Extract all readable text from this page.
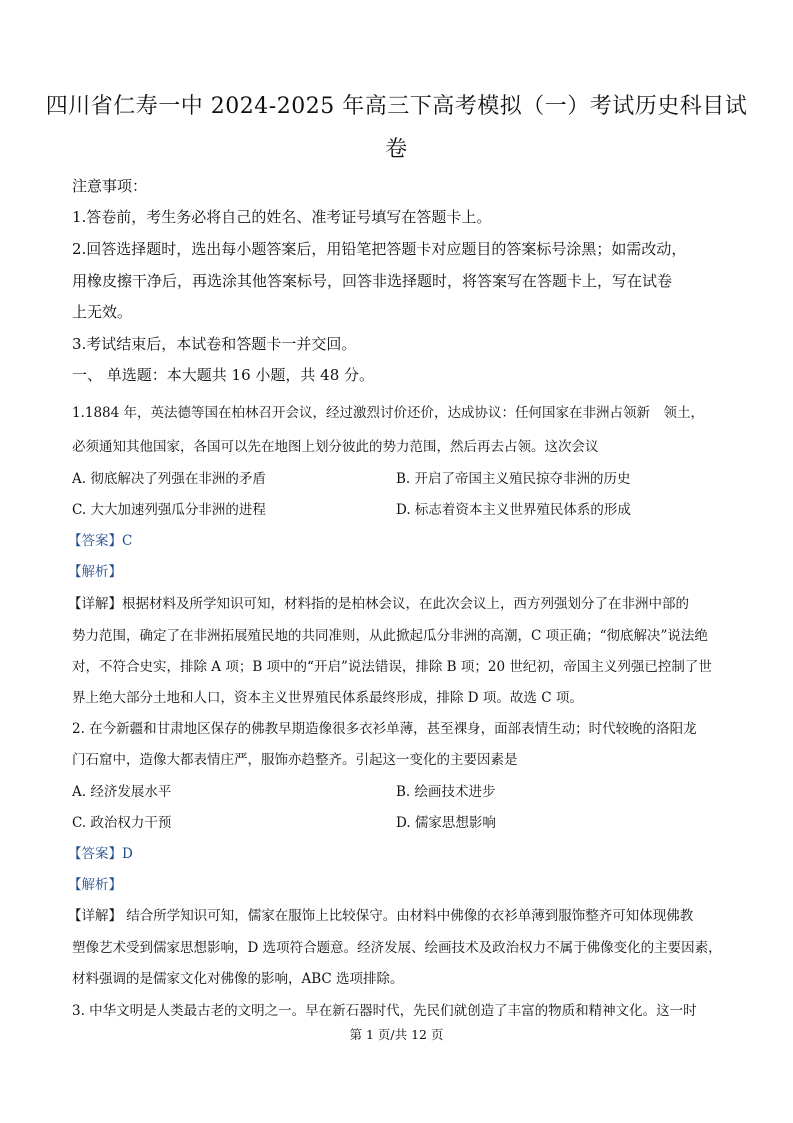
四川省仁寿一中 2024-2025 年高三下高考模拟（一）考试历史科目试
卷
注意事项：
1.答卷前，考生务必将自己的姓名、准考证号填写在答题卡上。
2.回答选择题时，选出每小题答案后，用铅笔把答题卡对应题目的答案标号涂黑；如需改动，
用橡皮擦干净后，再选涂其他答案标号，回答非选择题时，将答案写在答题卡上，写在试卷
上无效。
3.考试结束后，本试卷和答题卡一并交回。
一、 单选题：本大题共 16 小题，共 48 分。
1.1884 年，英法德等国在柏林召开会议，经过激烈讨价还价，达成协议：任何国家在非洲占领新　领土，
必须通知其他国家，各国可以先在地图上划分彼此的势力范围，然后再去占领。这次会议
A. 彻底解决了列强在非洲的矛盾	B. 开启了帝国主义殖民掠夺非洲的历史
C. 大大加速列强瓜分非洲的进程	D. 标志着资本主义世界殖民体系的形成
【答案】C
【解析】
【详解】根据材料及所学知识可知，材料指的是柏林会议，在此次会议上，西方列强划分了在非洲中部的
势力范围，确定了在非洲拓展殖民地的共同准则，从此掀起瓜分非洲的高潮，C 项正确；“彻底解决”说法绝
对，不符合史实，排除 A 项；B 项中的“开启”说法错误，排除 B 项；20 世纪初，帝国主义列强已控制了世
界上绝大部分土地和人口，资本主义世界殖民体系最终形成，排除 D 项。故选 C 项。
2. 在今新疆和甘肃地区保存的佛教早期造像很多衣衫单薄，甚至裸身，面部表情生动；时代较晚的洛阳龙
门石窟中，造像大都表情庄严，服饰亦趋整齐。引起这一变化的主要因素是
A. 经济发展水平	B. 绘画技术进步
C. 政治权力干预	D. 儒家思想影响
【答案】D
【解析】
【详解】 结合所学知识可知，儒家在服饰上比较保守。由材料中佛像的衣衫单薄到服饰整齐可知体现佛教
塑像艺术受到儒家思想影响，D 选项符合题意。经济发展、绘画技术及政治权力不属于佛像变化的主要因素，
材料强调的是儒家文化对佛像的影响，ABC 选项排除。
3. 中华文明是人类最古老的文明之一。早在新石器时代，先民们就创造了丰富的物质和精神文化。这一时
第 1 页/共 12 页
